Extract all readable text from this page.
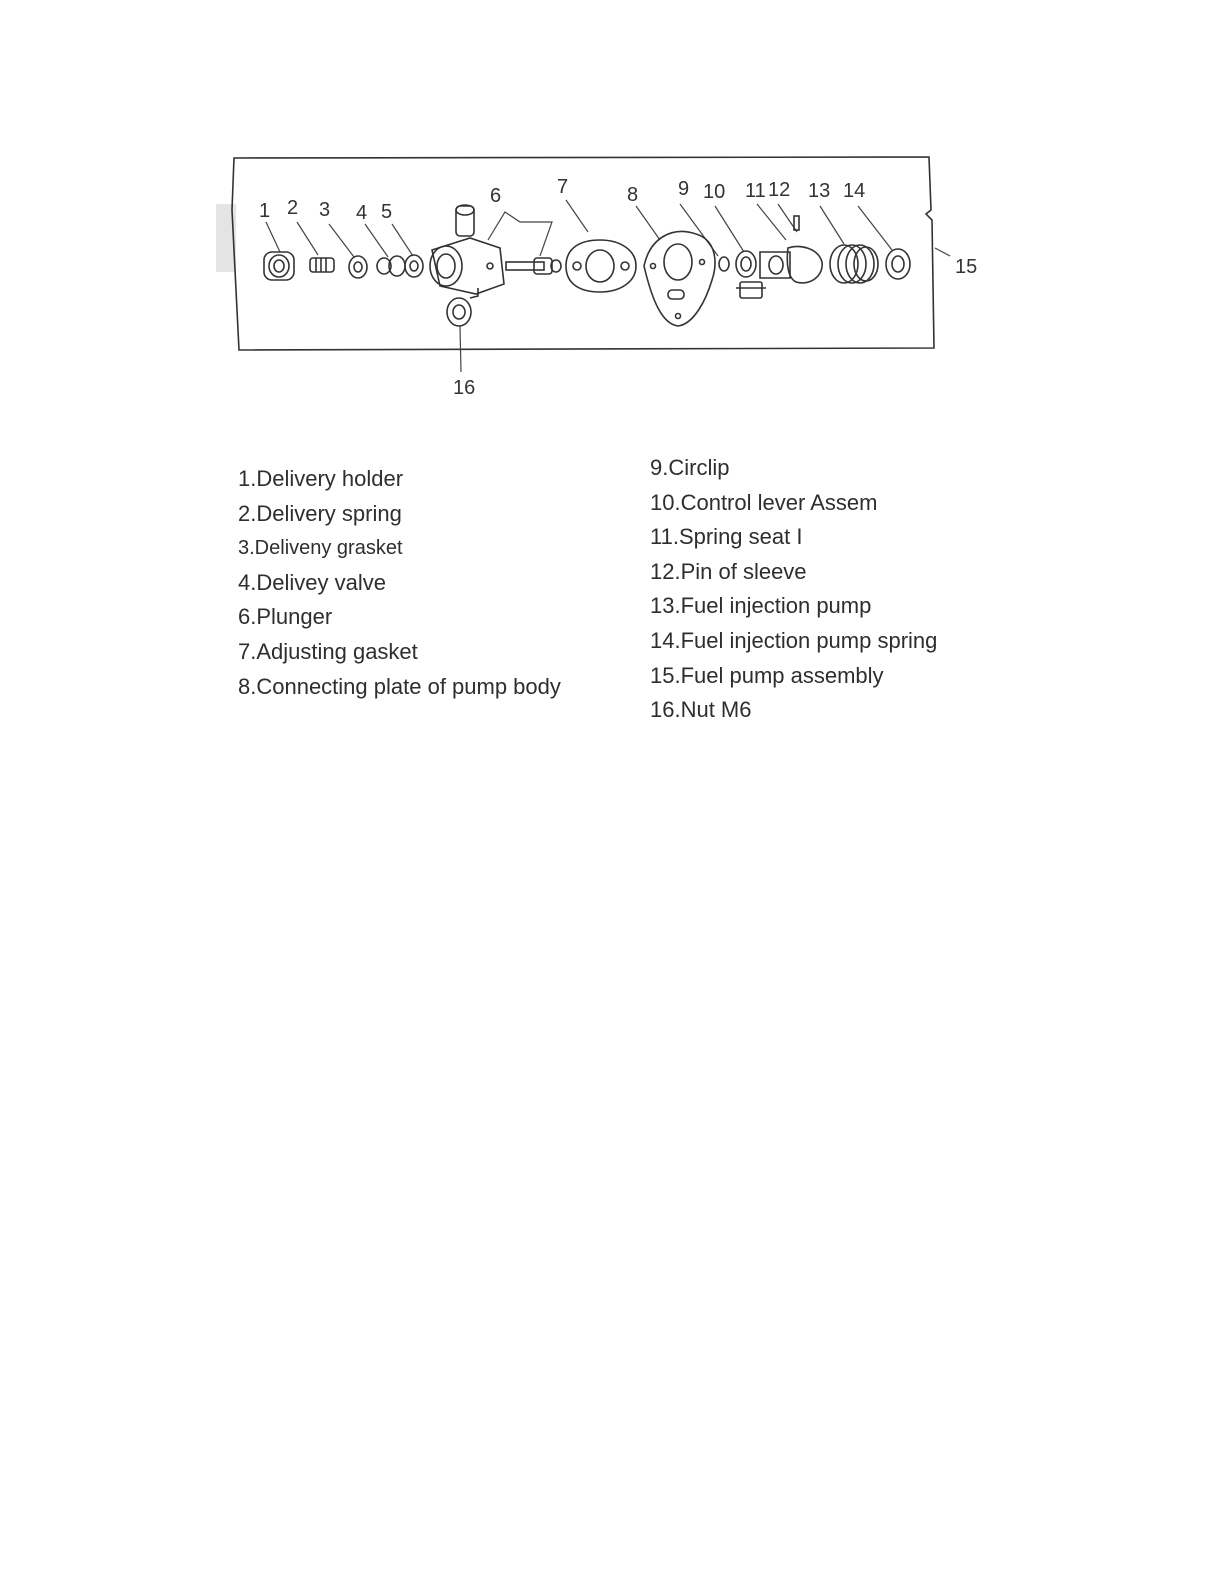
1 2 3 4 5
6	7	8 9 10 11 12 13 14
15
16
1.Delivery holder
2.Delivery spring
3.Deliveny grasket
4.Delivey valve
6.Plunger
7.Adjusting gasket
8.Connecting plate of pump body
9.Circlip
10.Control lever Assem
11.Spring seat I
12.Pin of sleeve
13.Fuel injection pump
14.Fuel injection pump spring
15.Fuel pump assembly
16.Nut M6
